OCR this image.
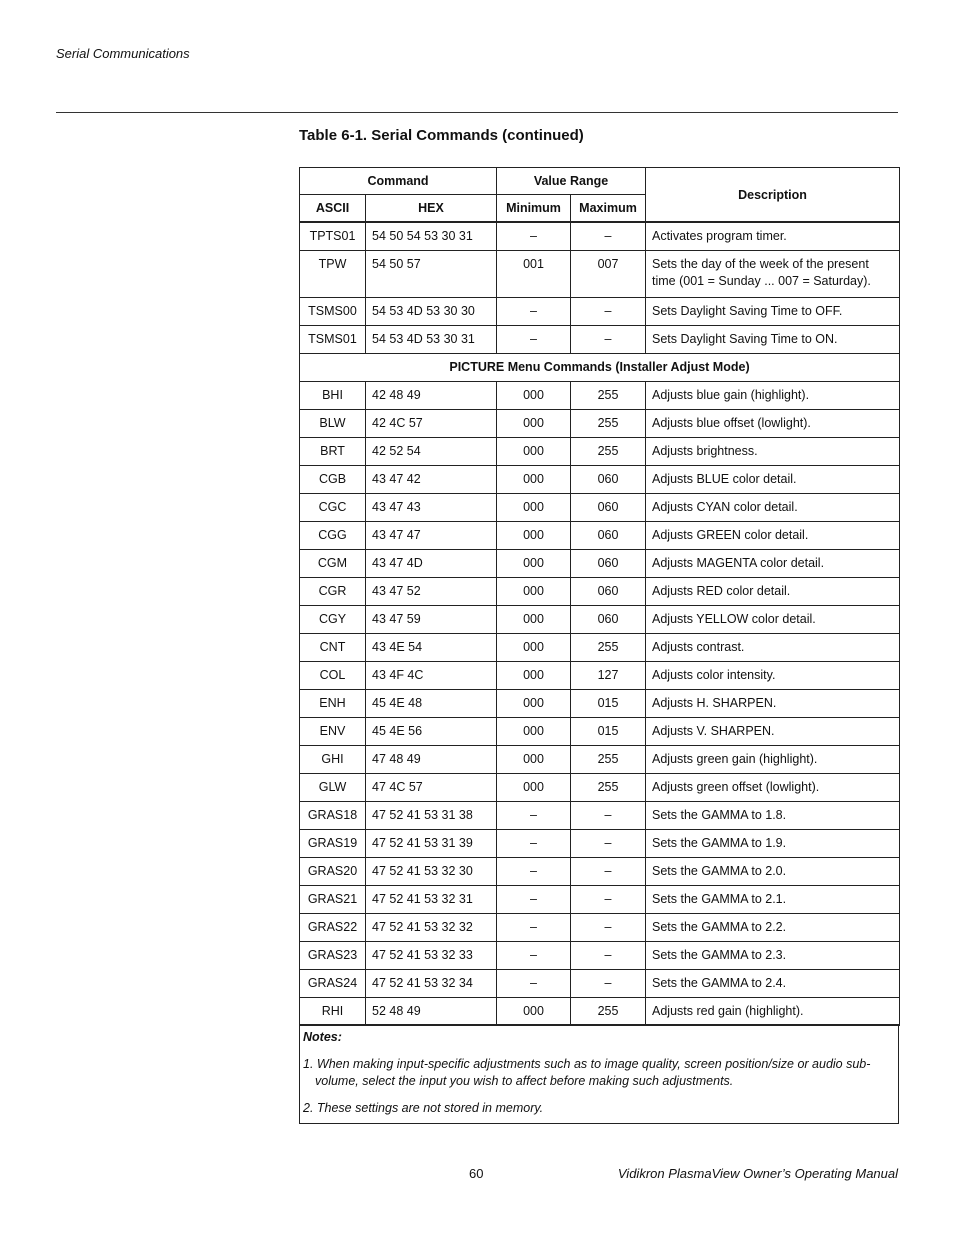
Serial Communications
Table 6-1. Serial Commands (continued)
Command		Value Range		Description
ASCII	HEX	Minimum	Maximum	
TPTS01	54 50 54 53 30 31	–	–	Activates program timer.
TPW	54 50 57	001	007	Sets the day of the week of the present time (001 = Sunday ... 007 = Saturday).
TSMS00	54 53 4D 53 30 30	–	–	Sets Daylight Saving Time to OFF.
TSMS01	54 53 4D 53 30 31	–	–	Sets Daylight Saving Time to ON.
PICTURE Menu Commands (Installer Adjust Mode)				
BHI	42 48 49	000	255	Adjusts blue gain (highlight).
BLW	42 4C 57	000	255	Adjusts blue offset (lowlight).
BRT	42 52 54	000	255	Adjusts brightness.
CGB	43 47 42	000	060	Adjusts BLUE color detail.
CGC	43 47 43	000	060	Adjusts CYAN color detail.
CGG	43 47 47	000	060	Adjusts GREEN color detail.
CGM	43 47 4D	000	060	Adjusts MAGENTA color detail.
CGR	43 47 52	000	060	Adjusts RED color detail.
CGY	43 47 59	000	060	Adjusts YELLOW color detail.
CNT	43 4E 54	000	255	Adjusts contrast.
COL	43 4F 4C	000	127	Adjusts color intensity.
ENH	45 4E 48	000	015	Adjusts H. SHARPEN.
ENV	45 4E 56	000	015	Adjusts V. SHARPEN.
GHI	47 48 49	000	255	Adjusts green gain (highlight).
GLW	47 4C 57	000	255	Adjusts green offset (lowlight).
GRAS18	47 52 41 53 31 38	–	–	Sets the GAMMA to 1.8.
GRAS19	47 52 41 53 31 39	–	–	Sets the GAMMA to 1.9.
GRAS20	47 52 41 53 32 30	–	–	Sets the GAMMA to 2.0.
GRAS21	47 52 41 53 32 31	–	–	Sets the GAMMA to 2.1.
GRAS22	47 52 41 53 32 32	–	–	Sets the GAMMA to 2.2.
GRAS23	47 52 41 53 32 33	–	–	Sets the GAMMA to 2.3.
GRAS24	47 52 41 53 32 34	–	–	Sets the GAMMA to 2.4.
RHI	52 48 49	000	255	Adjusts red gain (highlight).
Notes:
1. When making input-specific adjustments such as to image quality, screen position/size or audio sub-volume, select the input you wish to affect before making such adjustments.
2. These settings are not stored in memory.
60	Vidikron PlasmaView Owner’s Operating Manual
